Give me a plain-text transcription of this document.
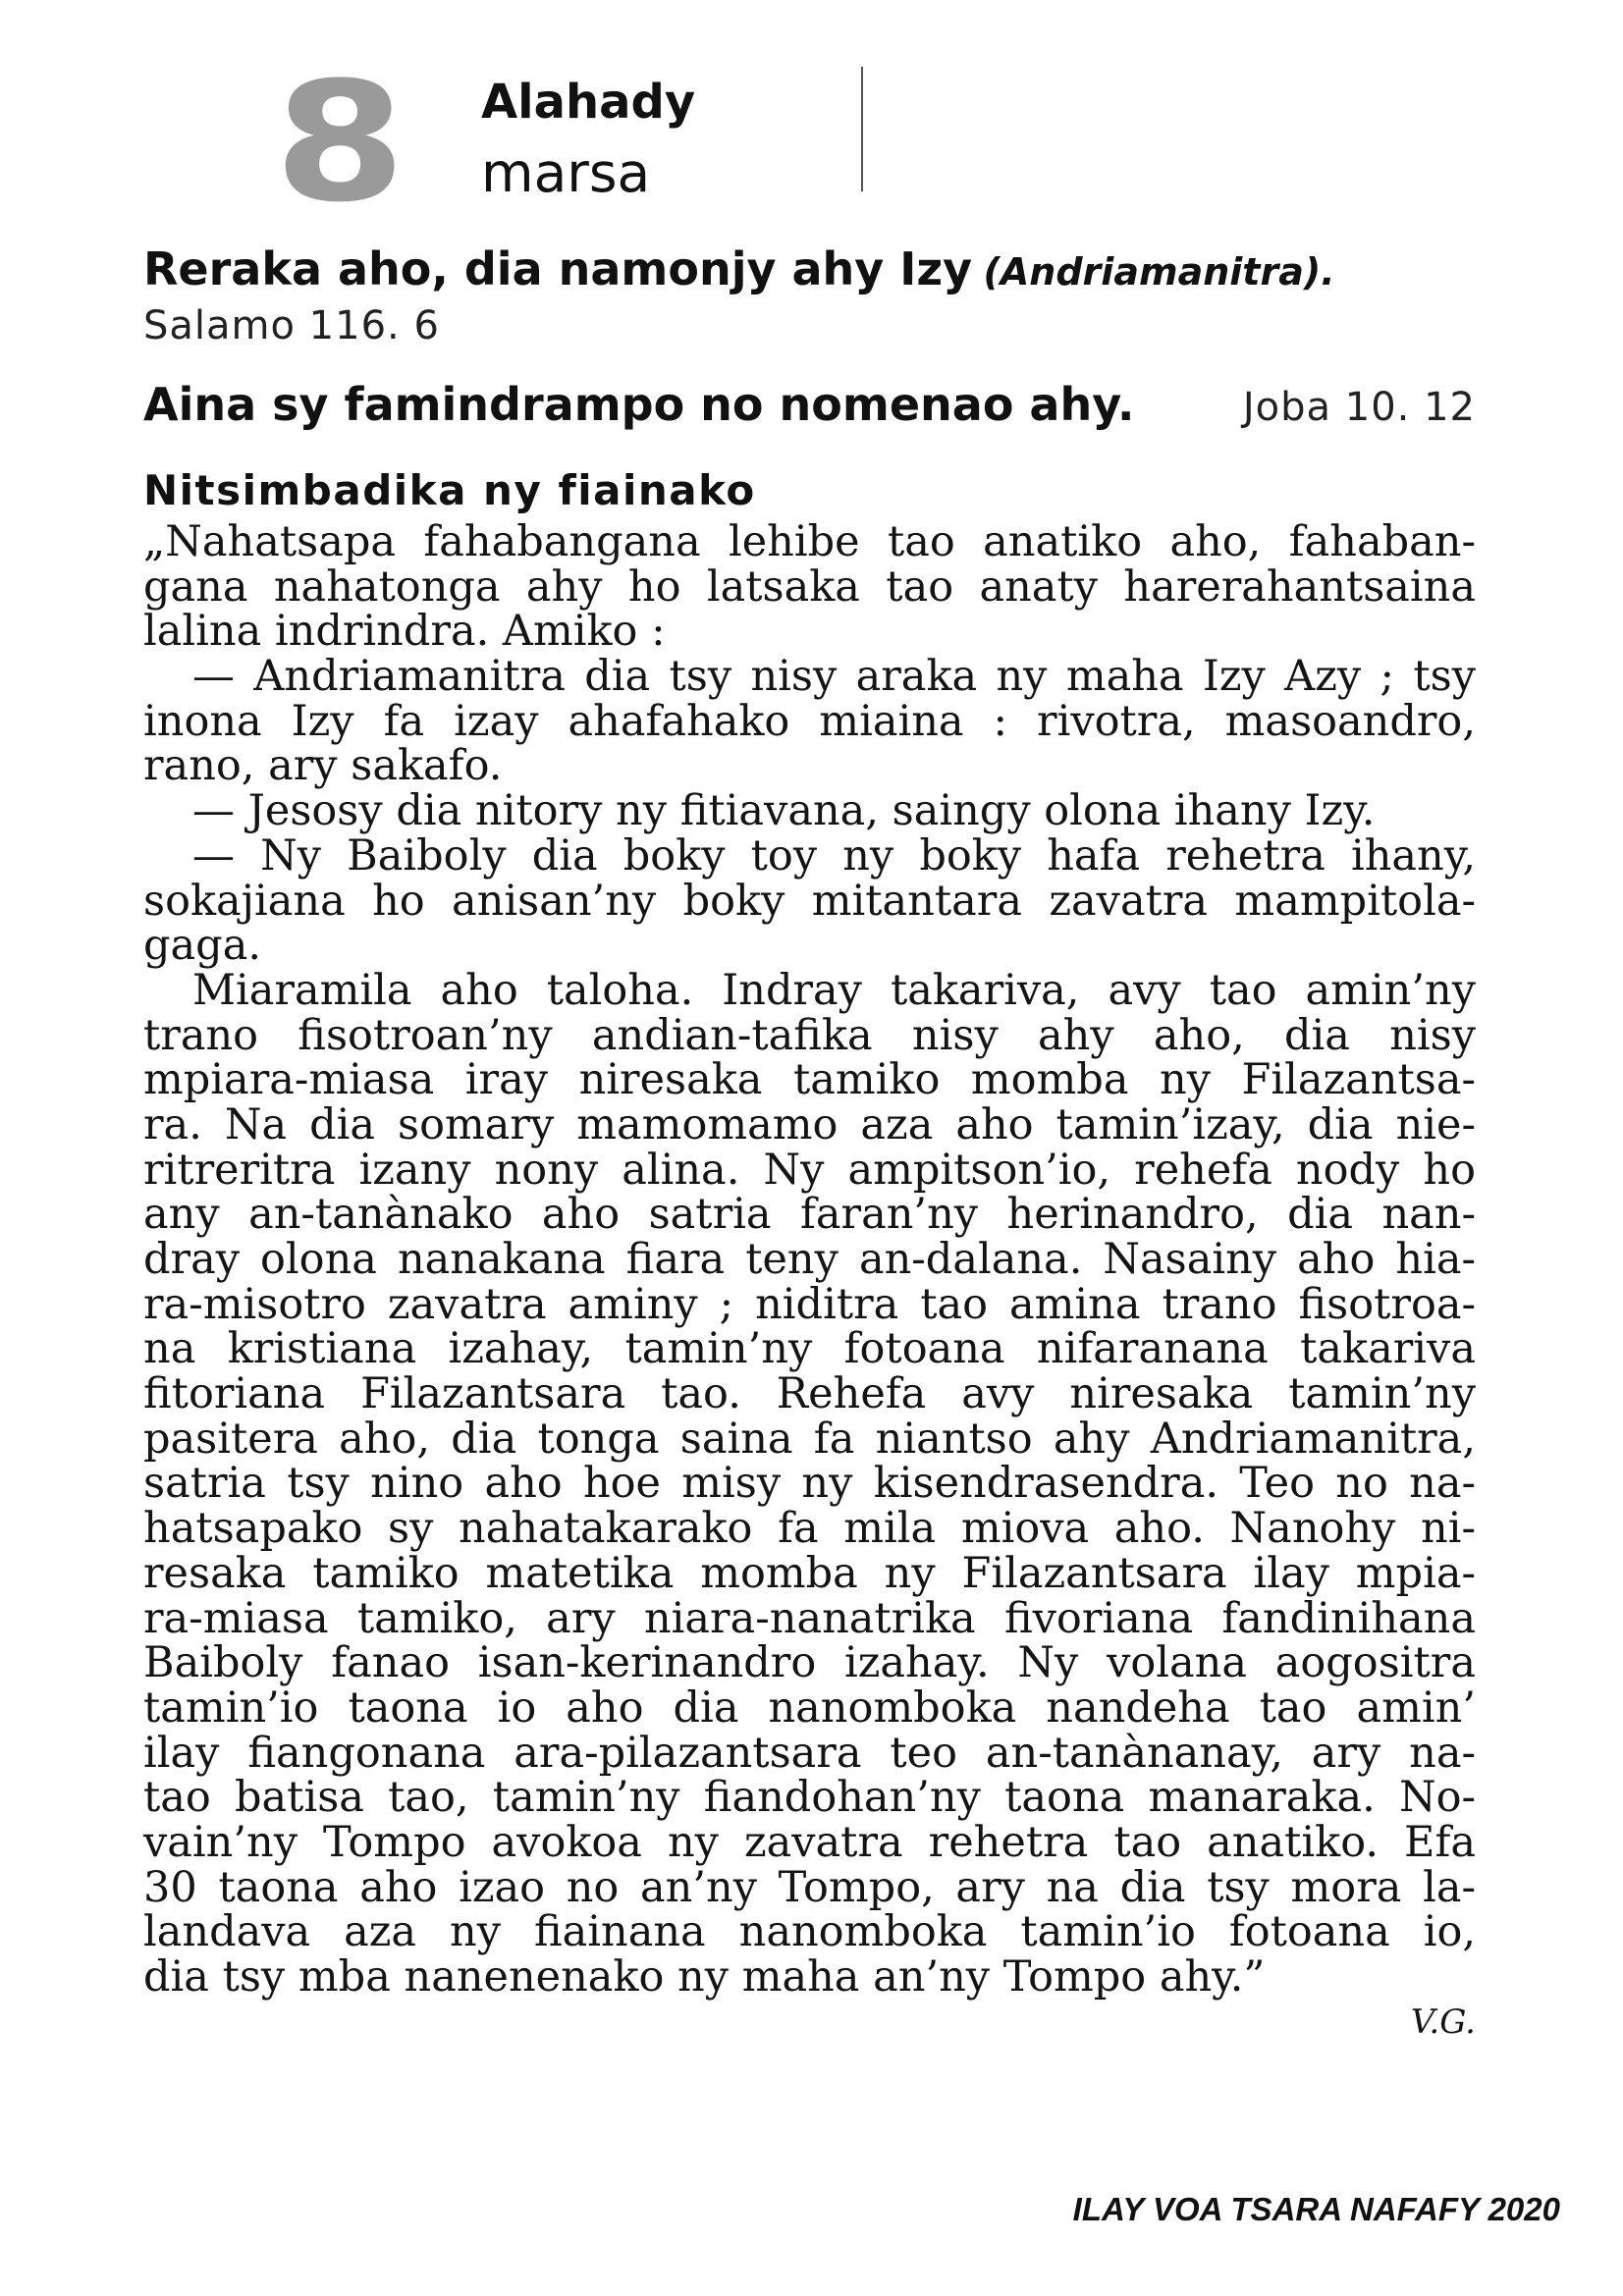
8 Alahady
marsa
Reraka aho, dia namonjy ahy Izy (Andriamanitra).
Salamo 116. 6
Aina sy famindrampo no nomenao ahy.	Joba 10. 12
Nitsimbadika ny fiainako
„Nahatsapa fahabangana lehibe tao anatiko aho, fahaban-
gana nahatonga ahy ho latsaka tao anaty harerahantsaina
lalina indrindra. Amiko :
— Andriamanitra dia tsy nisy araka ny maha Izy Azy ; tsy
inona Izy fa izay ahafahako miaina : rivotra, masoandro,
rano, ary sakafo.
— Jesosy dia nitory ny fitiavana, saingy olona ihany Izy.
— Ny Baiboly dia boky toy ny boky hafa rehetra ihany,
sokajiana ho anisan’ny boky mitantara zavatra mampitola-
gaga.
Miaramila aho taloha. Indray takariva, avy tao amin’ny
trano fisotroan’ny andian-tafika nisy ahy aho, dia nisy
mpiara-miasa iray niresaka tamiko momba ny Filazantsa-
ra. Na dia somary mamomamo aza aho tamin’izay, dia nie-
ritreritra izany nony alina. Ny ampitson’io, rehefa nody ho
any an-tanànako aho satria faran’ny herinandro, dia nan-
dray olona nanakana fiara teny an-dalana. Nasainy aho hia-
ra-misotro zavatra aminy ; niditra tao amina trano fisotroa-
na kristiana izahay, tamin’ny fotoana nifaranana takariva
fitoriana Filazantsara tao. Rehefa avy niresaka tamin’ny
pasitera aho, dia tonga saina fa niantso ahy Andriamanitra,
satria tsy nino aho hoe misy ny kisendrasendra. Teo no na-
hatsapako sy nahatakarako fa mila miova aho. Nanohy ni-
resaka tamiko matetika momba ny Filazantsara ilay mpia-
ra-miasa tamiko, ary niara-nanatrika fivoriana fandinihana
Baiboly fanao isan-kerinandro izahay. Ny volana aogositra
tamin’io taona io aho dia nanomboka nandeha tao amin’
ilay fiangonana ara-pilazantsara teo an-tanànanay, ary na-
tao batisa tao, tamin’ny fiandohan’ny taona manaraka. No-
vain’ny Tompo avokoa ny zavatra rehetra tao anatiko. Efa
30 taona aho izao no an’ny Tompo, ary na dia tsy mora la-
landava aza ny fiainana nanomboka tamin’io fotoana io,
dia tsy mba nanenenako ny maha an’ny Tompo ahy.”
V.G.
ILAY VOA TSARA NAFAFY 2020
